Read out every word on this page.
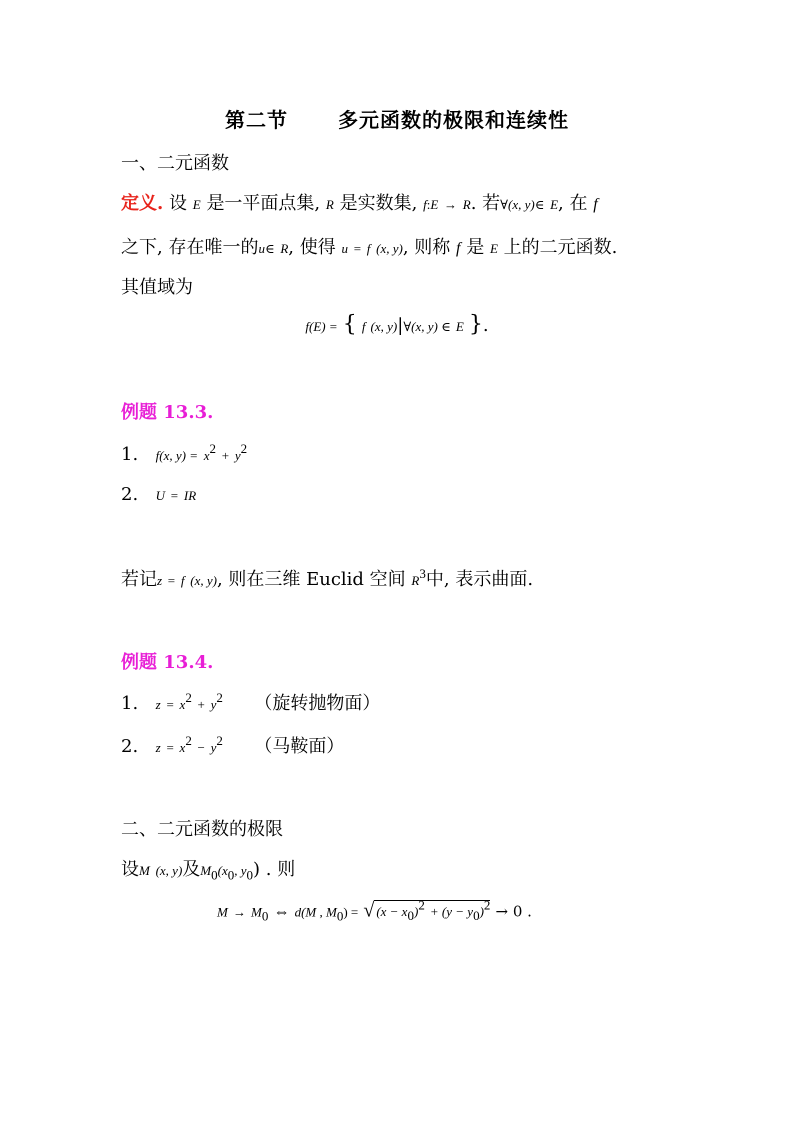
第二节 多元函数的极限和连续性
一、二元函数
定义. 设 E 是一平面点集, R 是实数集, f:E → R. 若∀(x, y)∈ E, 在 f
之下, 存在唯一的u∈ R, 使得 u = f (x, y), 则称 f 是 E 上的二元函数.
其值域为
f(E) = { f (x, y)|∀(x, y) ∈ E }.
例题 13.3.
1. f(x, $y) = x^2 + y^2$
2. U = IR
若记z = f (x, y), 则在三维 Euclid 空间 $R^3$中, 表示曲面.
例题 13.4.
1. $z = x^2 + y^2$ （旋转抛物面）
2. $z = x^2 - y^2$ （马鞍面）
二、二元函数的极限
设M (x, y)及$M_0(x_0$, $y_0$) . 则
$M \to M_0$ ⇔ d(M , $M_0$) = √ $(x - x_0)^2 + (y - y_0)^2 \to 0$ .
